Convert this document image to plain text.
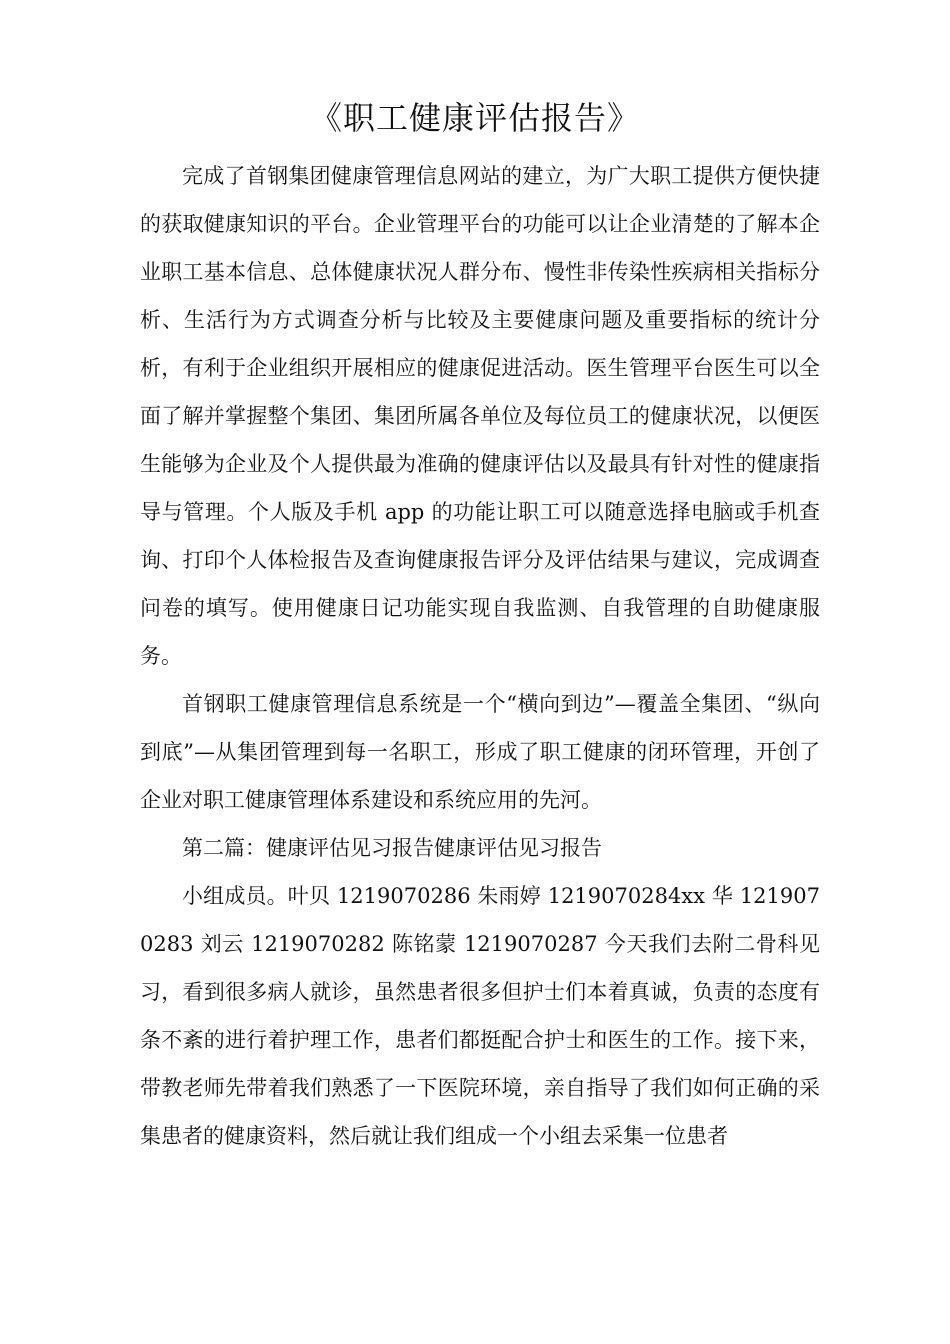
《职工健康评估报告》

完成了首钢集团健康管理信息网站的建立，为广大职工提供方便快捷的获取健康知识的平台。企业管理平台的功能可以让企业清楚的了解本企业职工基本信息、总体健康状况人群分布、慢性非传染性疾病相关指标分析、生活行为方式调查分析与比较及主要健康问题及重要指标的统计分析，有利于企业组织开展相应的健康促进活动。医生管理平台医生可以全面了解并掌握整个集团、集团所属各单位及每位员工的健康状况，以便医生能够为企业及个人提供最为准确的健康评估以及最具有针对性的健康指导与管理。个人版及手机 app 的功能让职工可以随意选择电脑或手机查询、打印个人体检报告及查询健康报告评分及评估结果与建议，完成调查问卷的填写。使用健康日记功能实现自我监测、自我管理的自助健康服务。

首钢职工健康管理信息系统是一个“横向到边”—覆盖全集团、“纵向到底”—从集团管理到每一名职工，形成了职工健康的闭环管理，开创了企业对职工健康管理体系建设和系统应用的先河。

第二篇：健康评估见习报告健康评估见习报告

小组成员。叶贝 1219070286 朱雨婷 1219070284xx 华 1219070283 刘云 1219070282 陈铭蒙 1219070287 今天我们去附二骨科见习，看到很多病人就诊，虽然患者很多但护士们本着真诚，负责的态度有条不紊的进行着护理工作，患者们都挺配合护士和医生的工作。接下来，带教老师先带着我们熟悉了一下医院环境，亲自指导了我们如何正确的采集患者的健康资料，然后就让我们组成一个小组去采集一位患者
